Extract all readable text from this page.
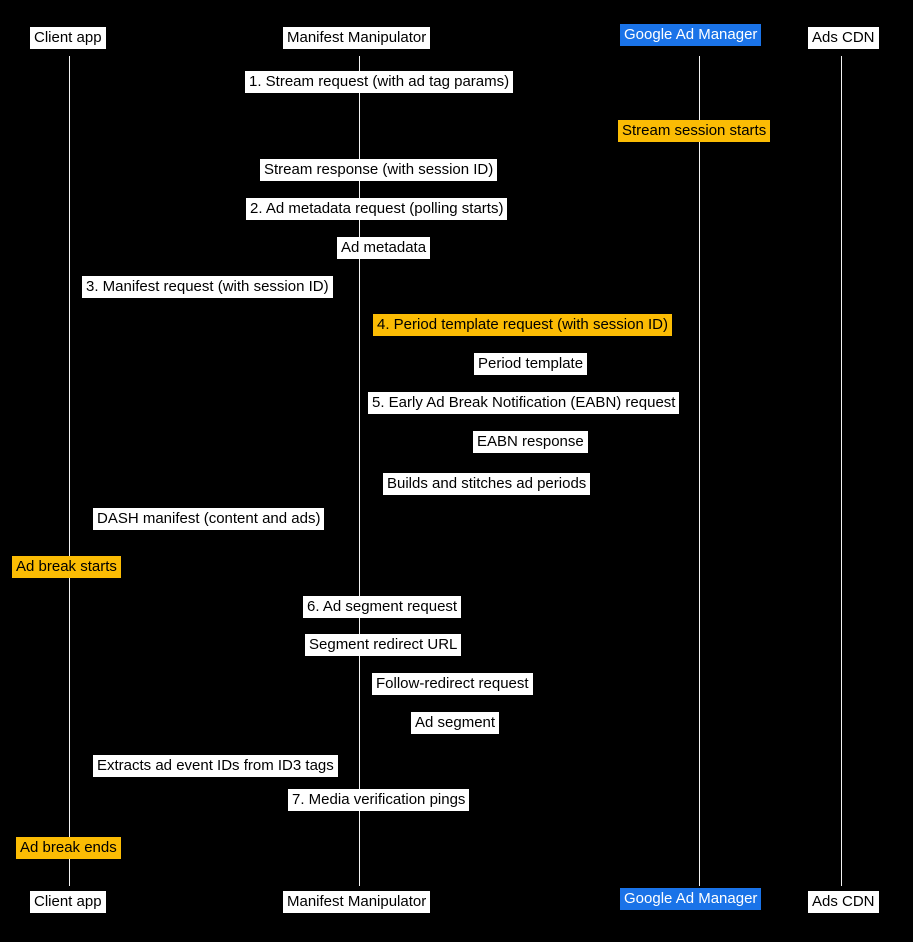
Client app	Manifest Manipulator	Google Ad Manager	Ads CDN
Client app	Manifest Manipulator	Google Ad Manager	Ads CDN
1. Stream request (with ad tag params)
Stream session starts
Stream response (with session ID)
2. Ad metadata request (polling starts)
Ad metadata
3. Manifest request (with session ID)
4. Period template request (with session ID)
Period template
5. Early Ad Break Notification (EABN) request
EABN response
Builds and stitches ad periods
DASH manifest (content and ads)
Ad break starts
6. Ad segment request
Segment redirect URL
Follow-redirect request
Ad segment
Extracts ad event IDs from ID3 tags
7. Media verification pings
Ad break ends
